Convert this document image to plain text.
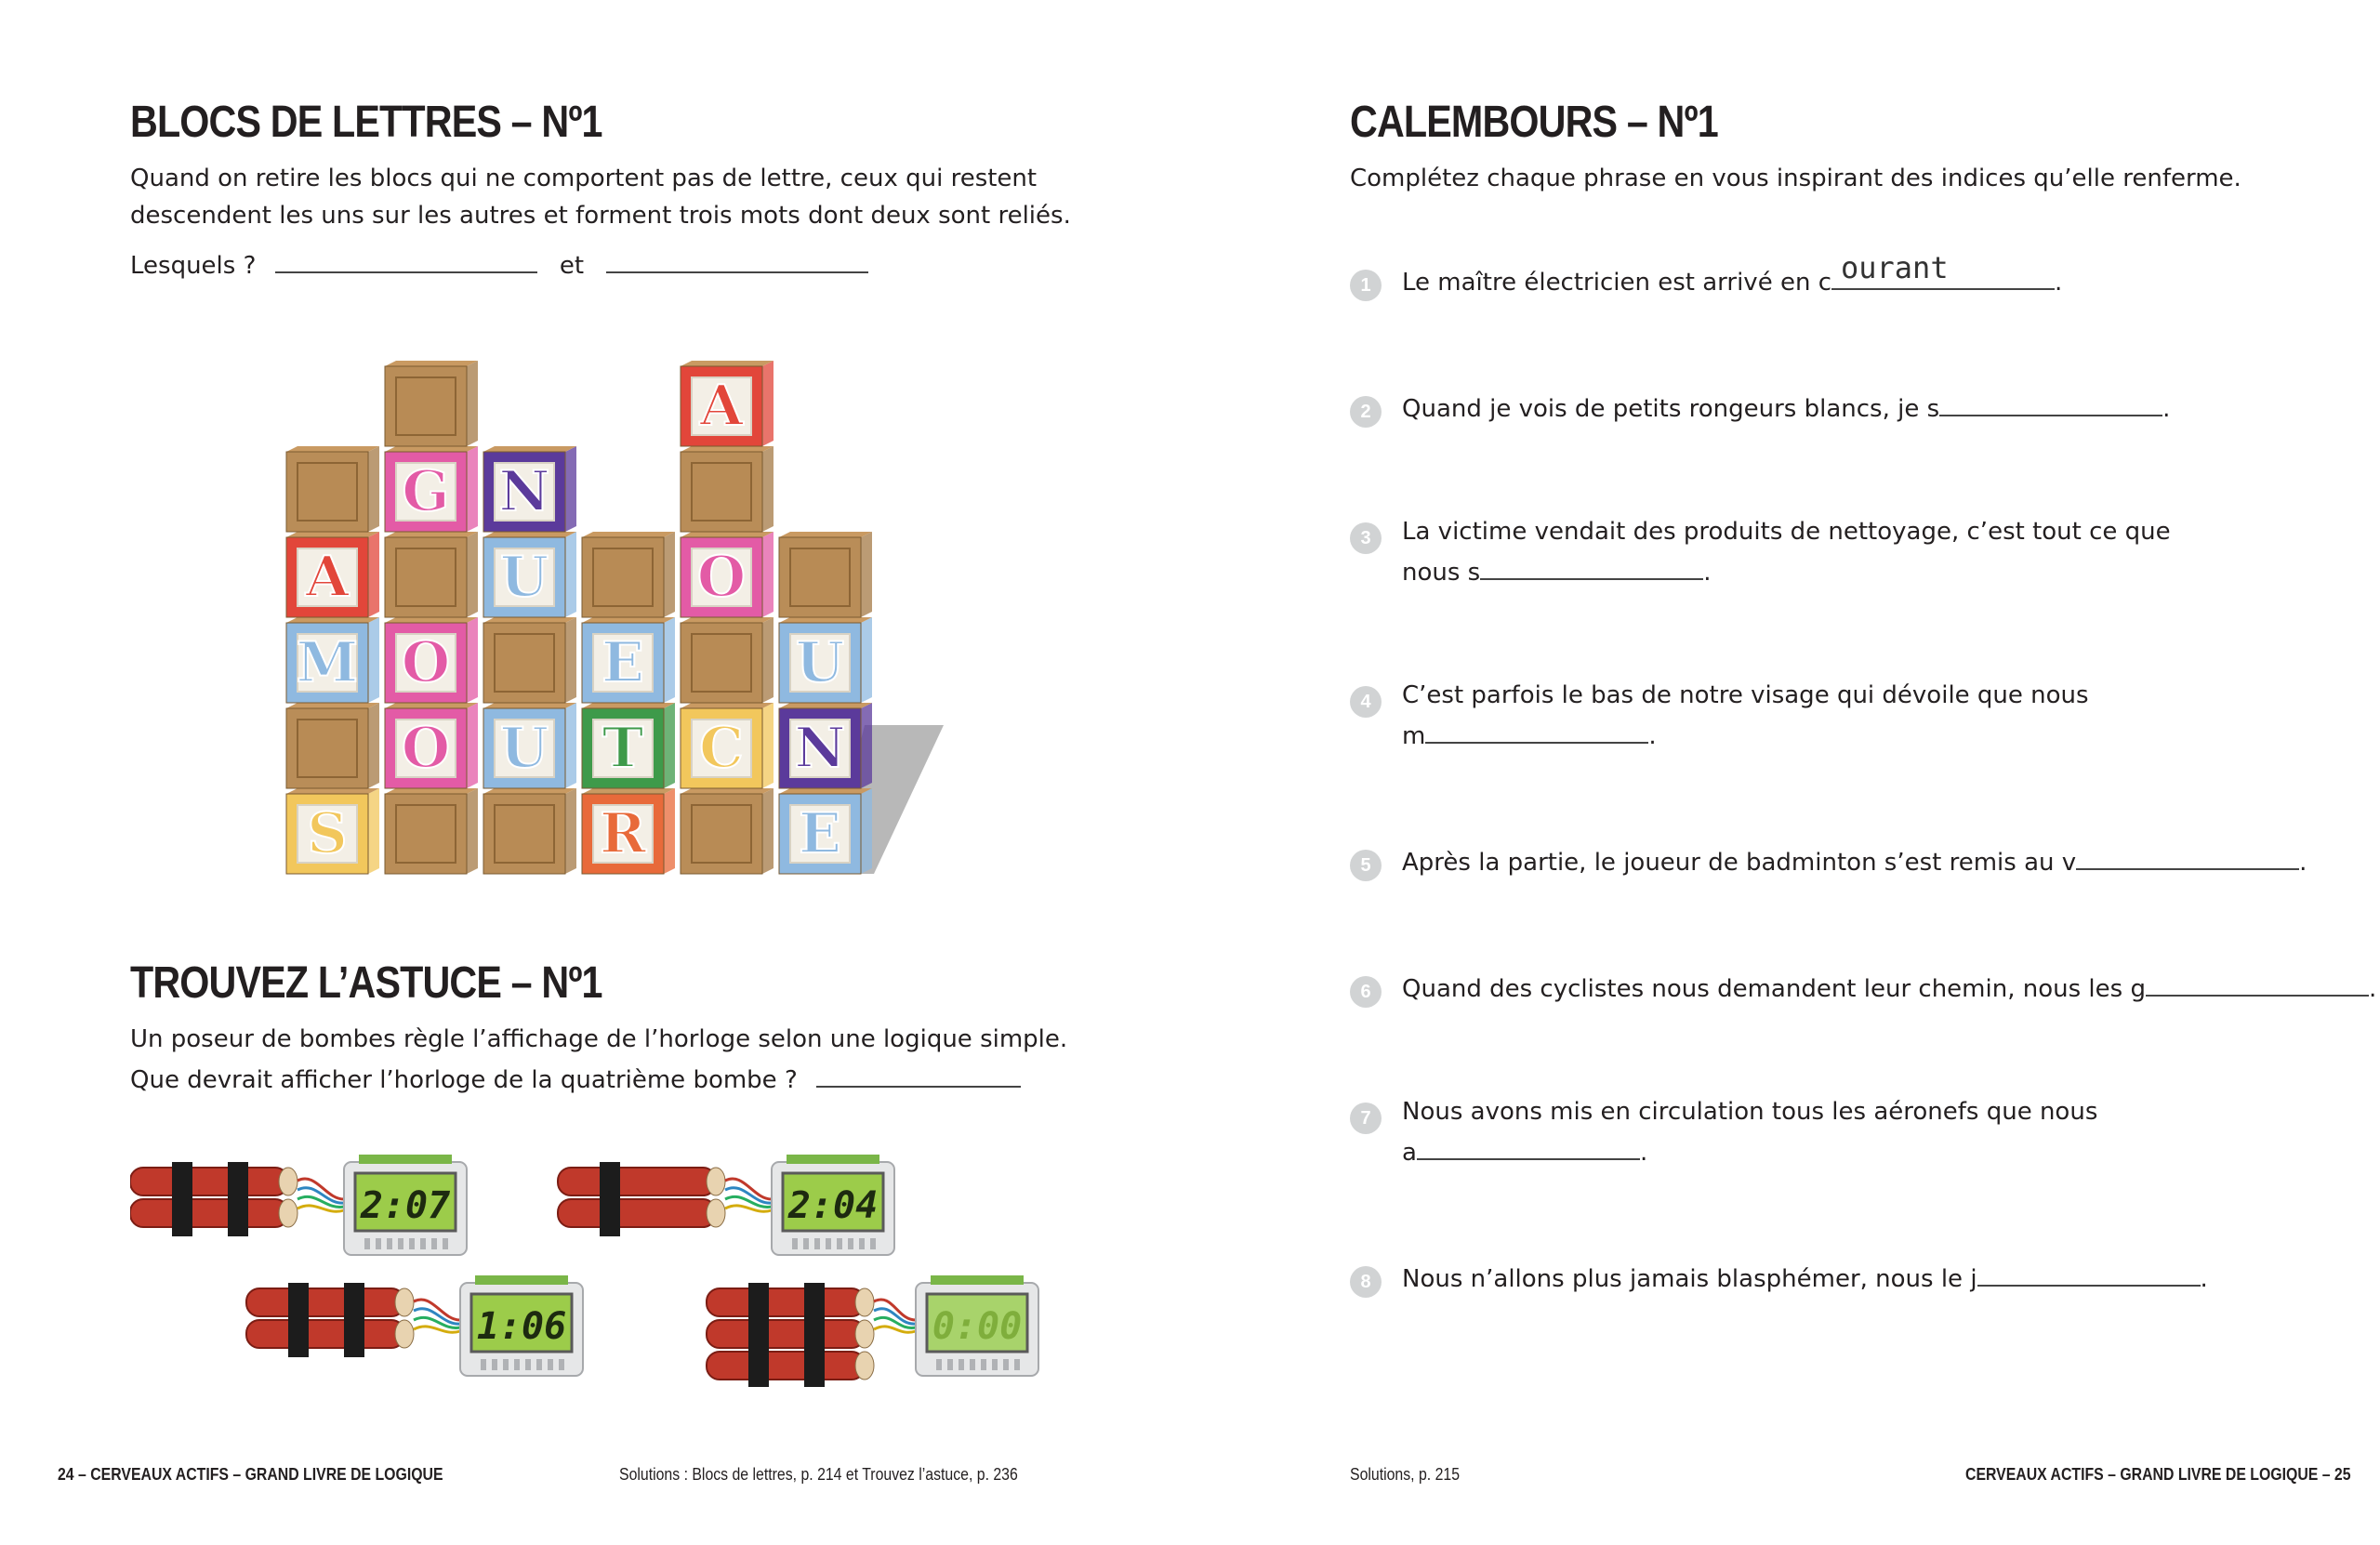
BLOCS DE LETTRES – Nº1
Quand on retire les blocs qui ne comportent pas de lettre, ceux qui restent
descendent les uns sur les autres et forment trois mots dont deux sont reliés.
Lesquels ?	et
S
M
A
O
O
G
U
U
N
R
T
E
C
O
A
E
N
U
TROUVEZ L’ASTUCE – Nº1
Un poseur de bombes règle l’affichage de l’horloge selon une logique simple.
Que devrait afficher l’horloge de la quatrième bombe ?
2:07	2:04
1:06	0:00
24 – CERVEAUX ACTIFS – GRAND LIVRE DE LOGIQUE	Solutions : Blocs de lettres, p. 214 et Trouvez l’astuce, p. 236
CALEMBOURS – Nº1
Complétez chaque phrase en vous inspirant des indices qu’elle renferme.
1	Le maître électricien est arrivé en c ourant	.
2	Quand je vois de petits rongeurs blancs, je s	.
3
nous s	.
La victime vendait des produits de nettoyage, c’est tout ce que
4
m	.
C’est parfois le bas de notre visage qui dévoile que nous
5	Après la partie, le joueur de badminton s’est remis au v	.
6	Quand des cyclistes nous demandent leur chemin, nous les g	.
7
a	.
Nous avons mis en circulation tous les aéronefs que nous
8	Nous n’allons plus jamais blasphémer, nous le j	.
Solutions, p. 215	CERVEAUX ACTIFS – GRAND LIVRE DE LOGIQUE – 25
